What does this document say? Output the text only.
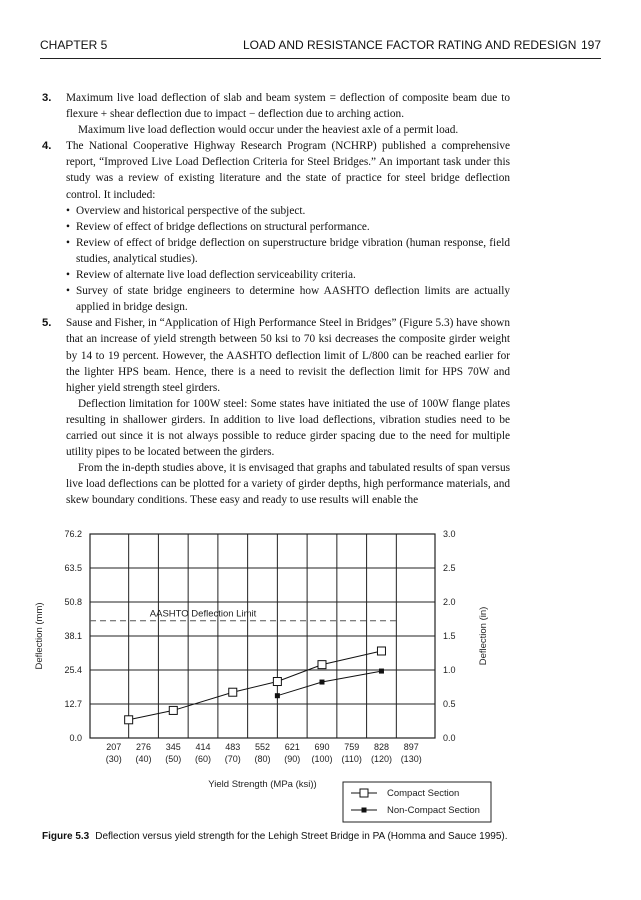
CHAPTER 5	LOAD AND RESISTANCE FACTOR RATING AND REDESIGN 197
3. Maximum live load deflection of slab and beam system = deflection of composite beam due to flexure + shear deflection due to impact − deflection due to arching action.
Maximum live load deflection would occur under the heaviest axle of a permit load.
4. The National Cooperative Highway Research Program (NCHRP) published a comprehensive report, “Improved Live Load Deflection Criteria for Steel Bridges.” An important task under this study was a review of existing literature and the state of practice for steel bridge deflection control. It included:
• Overview and historical perspective of the subject.
• Review of effect of bridge deflections on structural performance.
• Review of effect of bridge deflection on superstructure bridge vibration (human response, field studies, analytical studies).
• Review of alternate live load deflection serviceability criteria.
• Survey of state bridge engineers to determine how AASHTO deflection limits are actually applied in bridge design.
5. Sause and Fisher, in “Application of High Performance Steel in Bridges” (Figure 5.3) have shown that an increase of yield strength between 50 ksi to 70 ksi decreases the composite girder weight by 14 to 19 percent. However, the AASHTO deflection limit of L/800 can be reached earlier for the lighter HPS beam. Hence, there is a need to revisit the deflection limit for HPS 70W and higher yield strength steel girders.
Deflection limitation for 100W steel: Some states have initiated the use of 100W flange plates resulting in shallower girders. In addition to live load deflections, vibration studies need to be carried out since it is not always possible to reduce girder spacing due to the need for multiple utility pipes to be located between the girders.
From the in-depth studies above, it is envisaged that graphs and tabulated results of span versus live load deflections can be plotted for a variety of girder depths, high performance materials, and skew boundary conditions. These easy and ready to use results will enable the
76.2	3.0
63.5	2.5
50.8	2.0
38.1	1.5
25.4	1.0
12.7	0.5
0.0	0.0
207
(30)
276
(40)
345
(50)
414
(60)
483
(70)
552
(80)
621
(90)
690
(100)
759
(110)
828
(120)
897
(130)
AASHTO Deflection Limit
Yield Strength (MPa (ksi))
Deflection (mm)	Deflection (in)
Compact Section
Non-Compact Section
Figure 5.3 Deflection versus yield strength for the Lehigh Street Bridge in PA (Homma and Sauce 1995).
